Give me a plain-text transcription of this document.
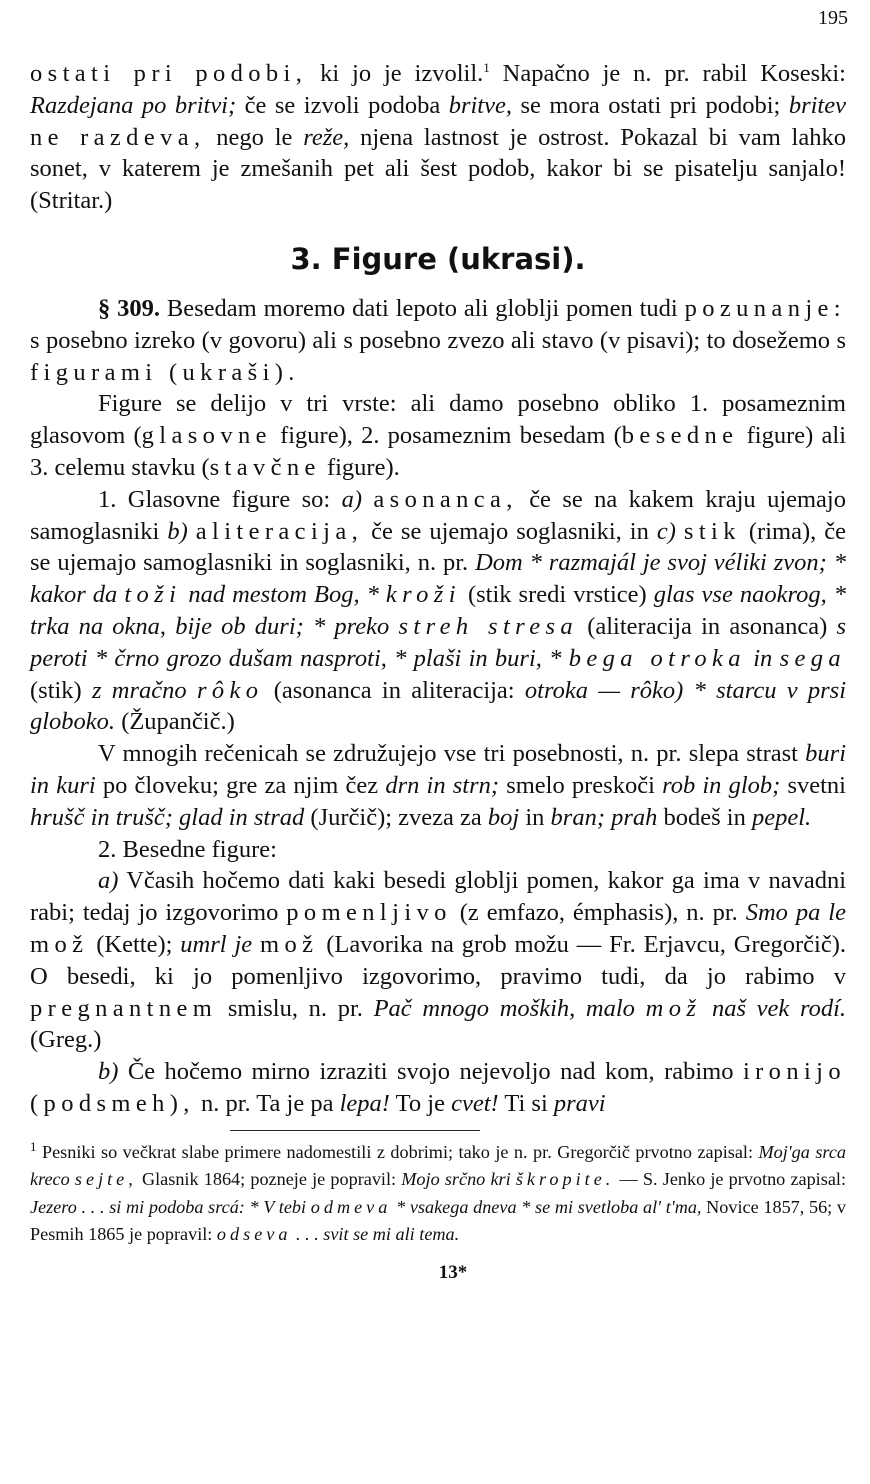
195

ostati pri podobi, ki jo je izvolil.$^1$ Napačno je n. pr. rabil Koseski: Razdejana po britvi; če se izvoli podoba britve, se mora ostati pri podobi; britev ne razdeva, nego le reže, njena lastnost je ostrost. Pokazal bi vam lahko sonet, v katerem je zmešanih pet ali šest podob, kakor bi se pisatelju sanjalo! (Stritar.)

3. Figure (ukrasi).

§ 309. Besedam moremo dati lepoto ali globlji pomen tudi pozunanje: s posebno izreko (v govoru) ali s posebno zvezo ali stavo (v pisavi); to dosežemo s figurami (ukraši).

Figure se delijo v tri vrste: ali damo posebno obliko 1. posameznim glasovom (glasovne figure), 2. posameznim besedam (besedne figure) ali 3. celemu stavku (stavčne figure).

1. Glasovne figure so: a) asonanca, če se na kakem kraju ujemajo samoglasniki b) aliteracija, če se ujemajo soglasniki, in c) stik (rima), če se ujemajo samoglasniki in soglasniki, n. pr. Dom * razmajál je svoj véliki zvon; * kakor da toži nad mestom Bog, * kroži (stik sredi vrstice) glas vse naokrog, * trka na okna, bije ob duri; * preko streh stresa (aliteracija in asonanca) s peroti * črno grozo dušam nasproti, * plaši in buri, * bega otroka in sega (stik) z mračno rôko (asonanca in aliteracija: otroka — rôko) * starcu v prsi globoko. (Župančič.)

V mnogih rečenicah se združujejo vse tri posebnosti, n. pr. slepa strast buri in kuri po človeku; gre za njim čez drn in strn; smelo preskoči rob in glob; svetni hrušč in trušč; glad in strad (Jurčič); zveza za boj in bran; prah bodeš in pepel.

2. Besedne figure:

a) Včasih hočemo dati kaki besedi globlji pomen, kakor ga ima v navadni rabi; tedaj jo izgovorimo pomenljivo (z emfazo, émphasis), n. pr. Smo pa le mož (Kette); umrl je mož (Lavorika na grob možu — Fr. Erjavcu, Gregorčič). O besedi, ki jo pomenljivo izgovorimo, pravimo tudi, da jo rabimo v pregnantnem smislu, n. pr. Pač mnogo moških, malo mož naš vek rodí. (Greg.)

b) Če hočemo mirno izraziti svojo nejevoljo nad kom, rabimo ironijo (podsmeh), n. pr. Ta je pa lepa! To je cvet! Ti si pravi

$^1$ Pesniki so večkrat slabe primere nadomestili z dobrimi; tako je n. pr. Gregorčič prvotno zapisal: Moj'ga srca kreco sejte, Glasnik 1864; pozneje je popravil: Mojo srčno kri škropite. — S. Jenko je prvotno zapisal: Jezero . . . si mi podoba srcá: * V tebi odmeva * vsakega dneva * se mi svetloba al' t'ma, Novice 1857, 56; v Pesmih 1865 je popravil: odseva . . . svit se mi ali tema.

13*
